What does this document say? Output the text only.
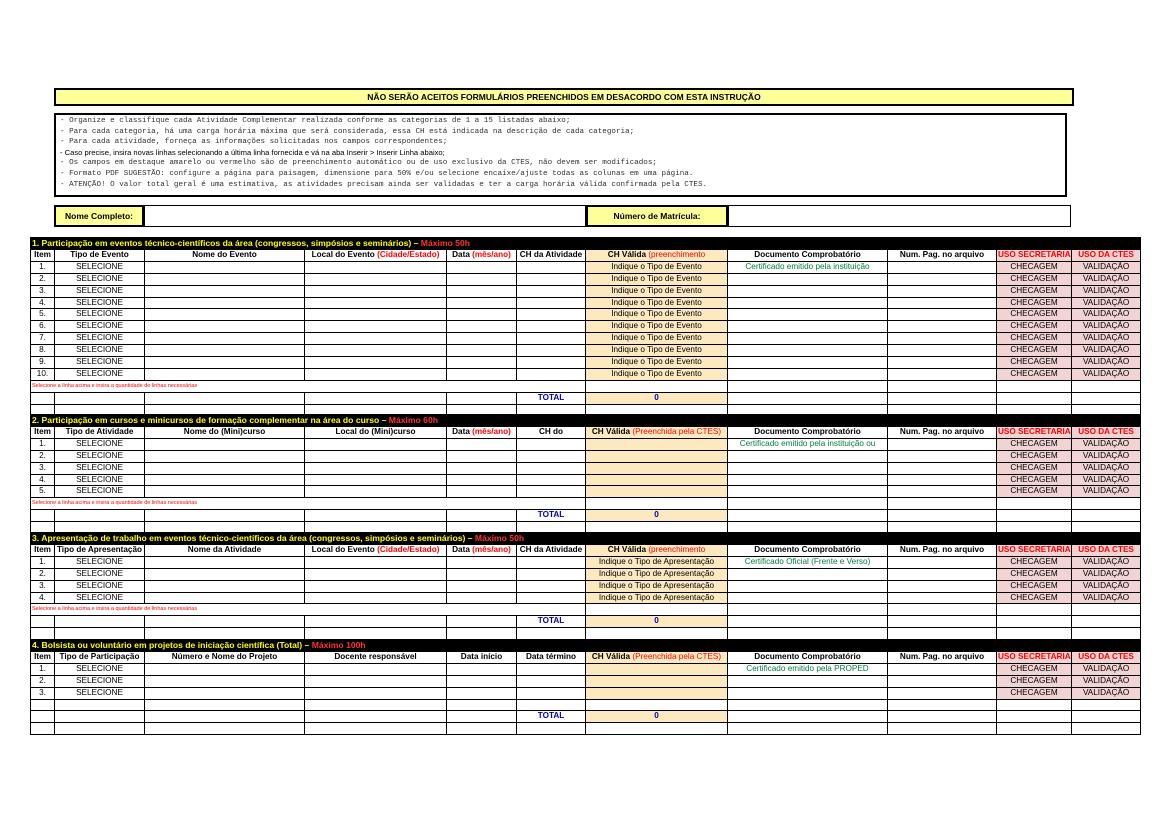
NÃO SERÃO ACEITOS FORMULÁRIOS PREENCHIDOS EM DESACORDO COM ESTA INSTRUÇÃO
- Organize e classifique cada Atividade Complementar realizada conforme as categorias de 1 a 15 listadas abaixo;
- Para cada categoria, há uma carga horária máxima que será considerada, essa CH está indicada na descrição de cada categoria;
- Para cada atividade, forneça as informações solicitadas nos campos correspondentes;
- Caso precise, insira novas linhas selecionando a última linha fornecida e vá na aba Inserir > Inserir Linha abaixo;
- Os campos em destaque amarelo ou vermelho são de preenchimento automático ou de uso exclusivo da CTES, não devem ser modificados;
- Formato PDF SUGESTÃO: configure a página para paisagem, dimensione para 50% e/ou selecione encaixe/ajuste todas as colunas em uma página.
- ATENÇÃO! O valor total geral é uma estimativa, as atividades precisam ainda ser validadas e ter a carga horária válida confirmada pela CTES.
Nome Completo:	Número de Matrícula:
1. Participação em eventos técnico-científicos da área (congressos, simpósios e seminários) – Máximo 50h										
Item	Tipo de Evento	Nome do Evento	Local do Evento (Cidade/Estado)	Data (mês/ano)	CH da Atividade	CH Válida (preenchimento	Documento Comprobatório	Num. Pag. no arquivo	USO SECRETARIA	USO DA CTES
1.	SELECIONE					Indique o Tipo de Evento	Certificado emitido pela instituição		CHECAGEM	VALIDAÇÃO
2.	SELECIONE					Indique o Tipo de Evento			CHECAGEM	VALIDAÇÃO
3.	SELECIONE					Indique o Tipo de Evento			CHECAGEM	VALIDAÇÃO
4.	SELECIONE					Indique o Tipo de Evento			CHECAGEM	VALIDAÇÃO
5.	SELECIONE					Indique o Tipo de Evento			CHECAGEM	VALIDAÇÃO
6.	SELECIONE					Indique o Tipo de Evento			CHECAGEM	VALIDAÇÃO
7.	SELECIONE					Indique o Tipo de Evento			CHECAGEM	VALIDAÇÃO
8.	SELECIONE					Indique o Tipo de Evento			CHECAGEM	VALIDAÇÃO
9.	SELECIONE					Indique o Tipo de Evento			CHECAGEM	VALIDAÇÃO
10.	SELECIONE					Indique o Tipo de Evento			CHECAGEM	VALIDAÇÃO
Selecione a linha acima e insira a quantidade de linhas necessárias										
					TOTAL	0				

2. Participação em cursos e minicursos de formação complementar na área do curso – Máximo 60h										
Item	Tipo de Atividade	Nome do (Mini)curso	Local do (Mini)curso	Data (mês/ano)	CH do	CH Válida (Preenchida pela CTES)	Documento Comprobatório	Num. Pag. no arquivo	USO SECRETARIA	USO DA CTES
1.	SELECIONE						Certificado emitido pela instituição ou		CHECAGEM	VALIDAÇÃO
2.	SELECIONE								CHECAGEM	VALIDAÇÃO
3.	SELECIONE								CHECAGEM	VALIDAÇÃO
4.	SELECIONE								CHECAGEM	VALIDAÇÃO
5.	SELECIONE								CHECAGEM	VALIDAÇÃO
Selecione a linha acima e insira a quantidade de linhas necessárias										
					TOTAL	0				

3. Apresentação de trabalho em eventos técnico-científicos da área (congressos, simpósios e seminários) – Máximo 50h										
Item	Tipo de Apresentação	Nome da Atividade	Local do Evento (Cidade/Estado)	Data (mês/ano)	CH da Atividade	CH Válida (preenchimento	Documento Comprobatório	Num. Pag. no arquivo	USO SECRETARIA	USO DA CTES
1.	SELECIONE					Indique o Tipo de Apresentação	Certificado Oficial (Frente e Verso)		CHECAGEM	VALIDAÇÃO
2.	SELECIONE					Indique o Tipo de Apresentação			CHECAGEM	VALIDAÇÃO
3.	SELECIONE					Indique o Tipo de Apresentação			CHECAGEM	VALIDAÇÃO
4.	SELECIONE					Indique o Tipo de Apresentação			CHECAGEM	VALIDAÇÃO
Selecione a linha acima e insira a quantidade de linhas necessárias										
					TOTAL	0				

4. Bolsista ou voluntário em projetos de iniciação científica (Total) – Máximo 100h										
Item	Tipo de Participação	Número e Nome do Projeto	Docente responsável	Data início	Data término	CH Válida (Preenchida pela CTES)	Documento Comprobatório	Num. Pag. no arquivo	USO SECRETARIA	USO DA CTES
1.	SELECIONE						Certificado emitido pela PROPED		CHECAGEM	VALIDAÇÃO
2.	SELECIONE								CHECAGEM	VALIDAÇÃO
3.	SELECIONE								CHECAGEM	VALIDAÇÃO

					TOTAL	0				
